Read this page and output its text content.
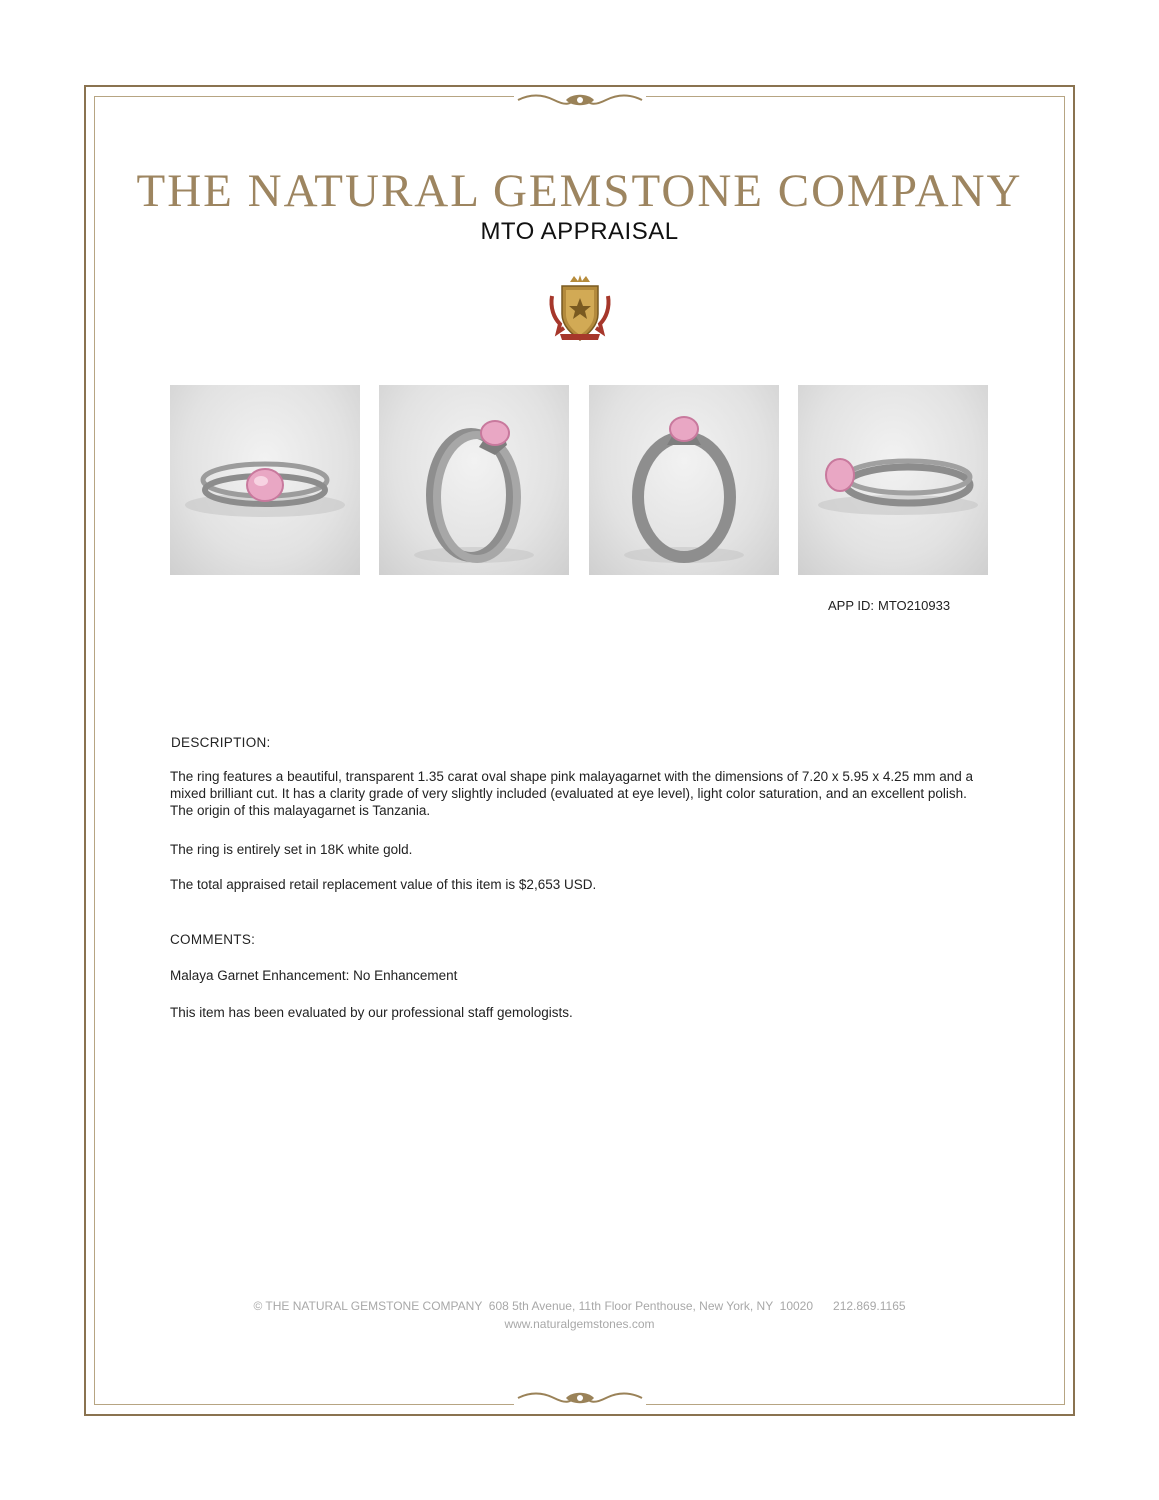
THE NATURAL GEMSTONE COMPANY
MTO APPRAISAL
APP ID: MTO210933
DESCRIPTION:
The ring features a beautiful, transparent 1.35 carat oval shape pink malayagarnet with the dimensions of 7.20 x 5.95 x 4.25 mm and a mixed brilliant cut. It has a clarity grade of very slightly included (evaluated at eye level), light color saturation, and an excellent polish. The origin of this malayagarnet is Tanzania.
The ring is entirely set in 18K white gold.
The total appraised retail replacement value of this item is $2,653 USD.
COMMENTS:
Malaya Garnet Enhancement: No Enhancement
This item has been evaluated by our professional staff gemologists.
© THE NATURAL GEMSTONE COMPANY 608 5th Avenue, 11th Floor Penthouse, New York, NY  10020 212.869.1165
www.naturalgemstones.com
